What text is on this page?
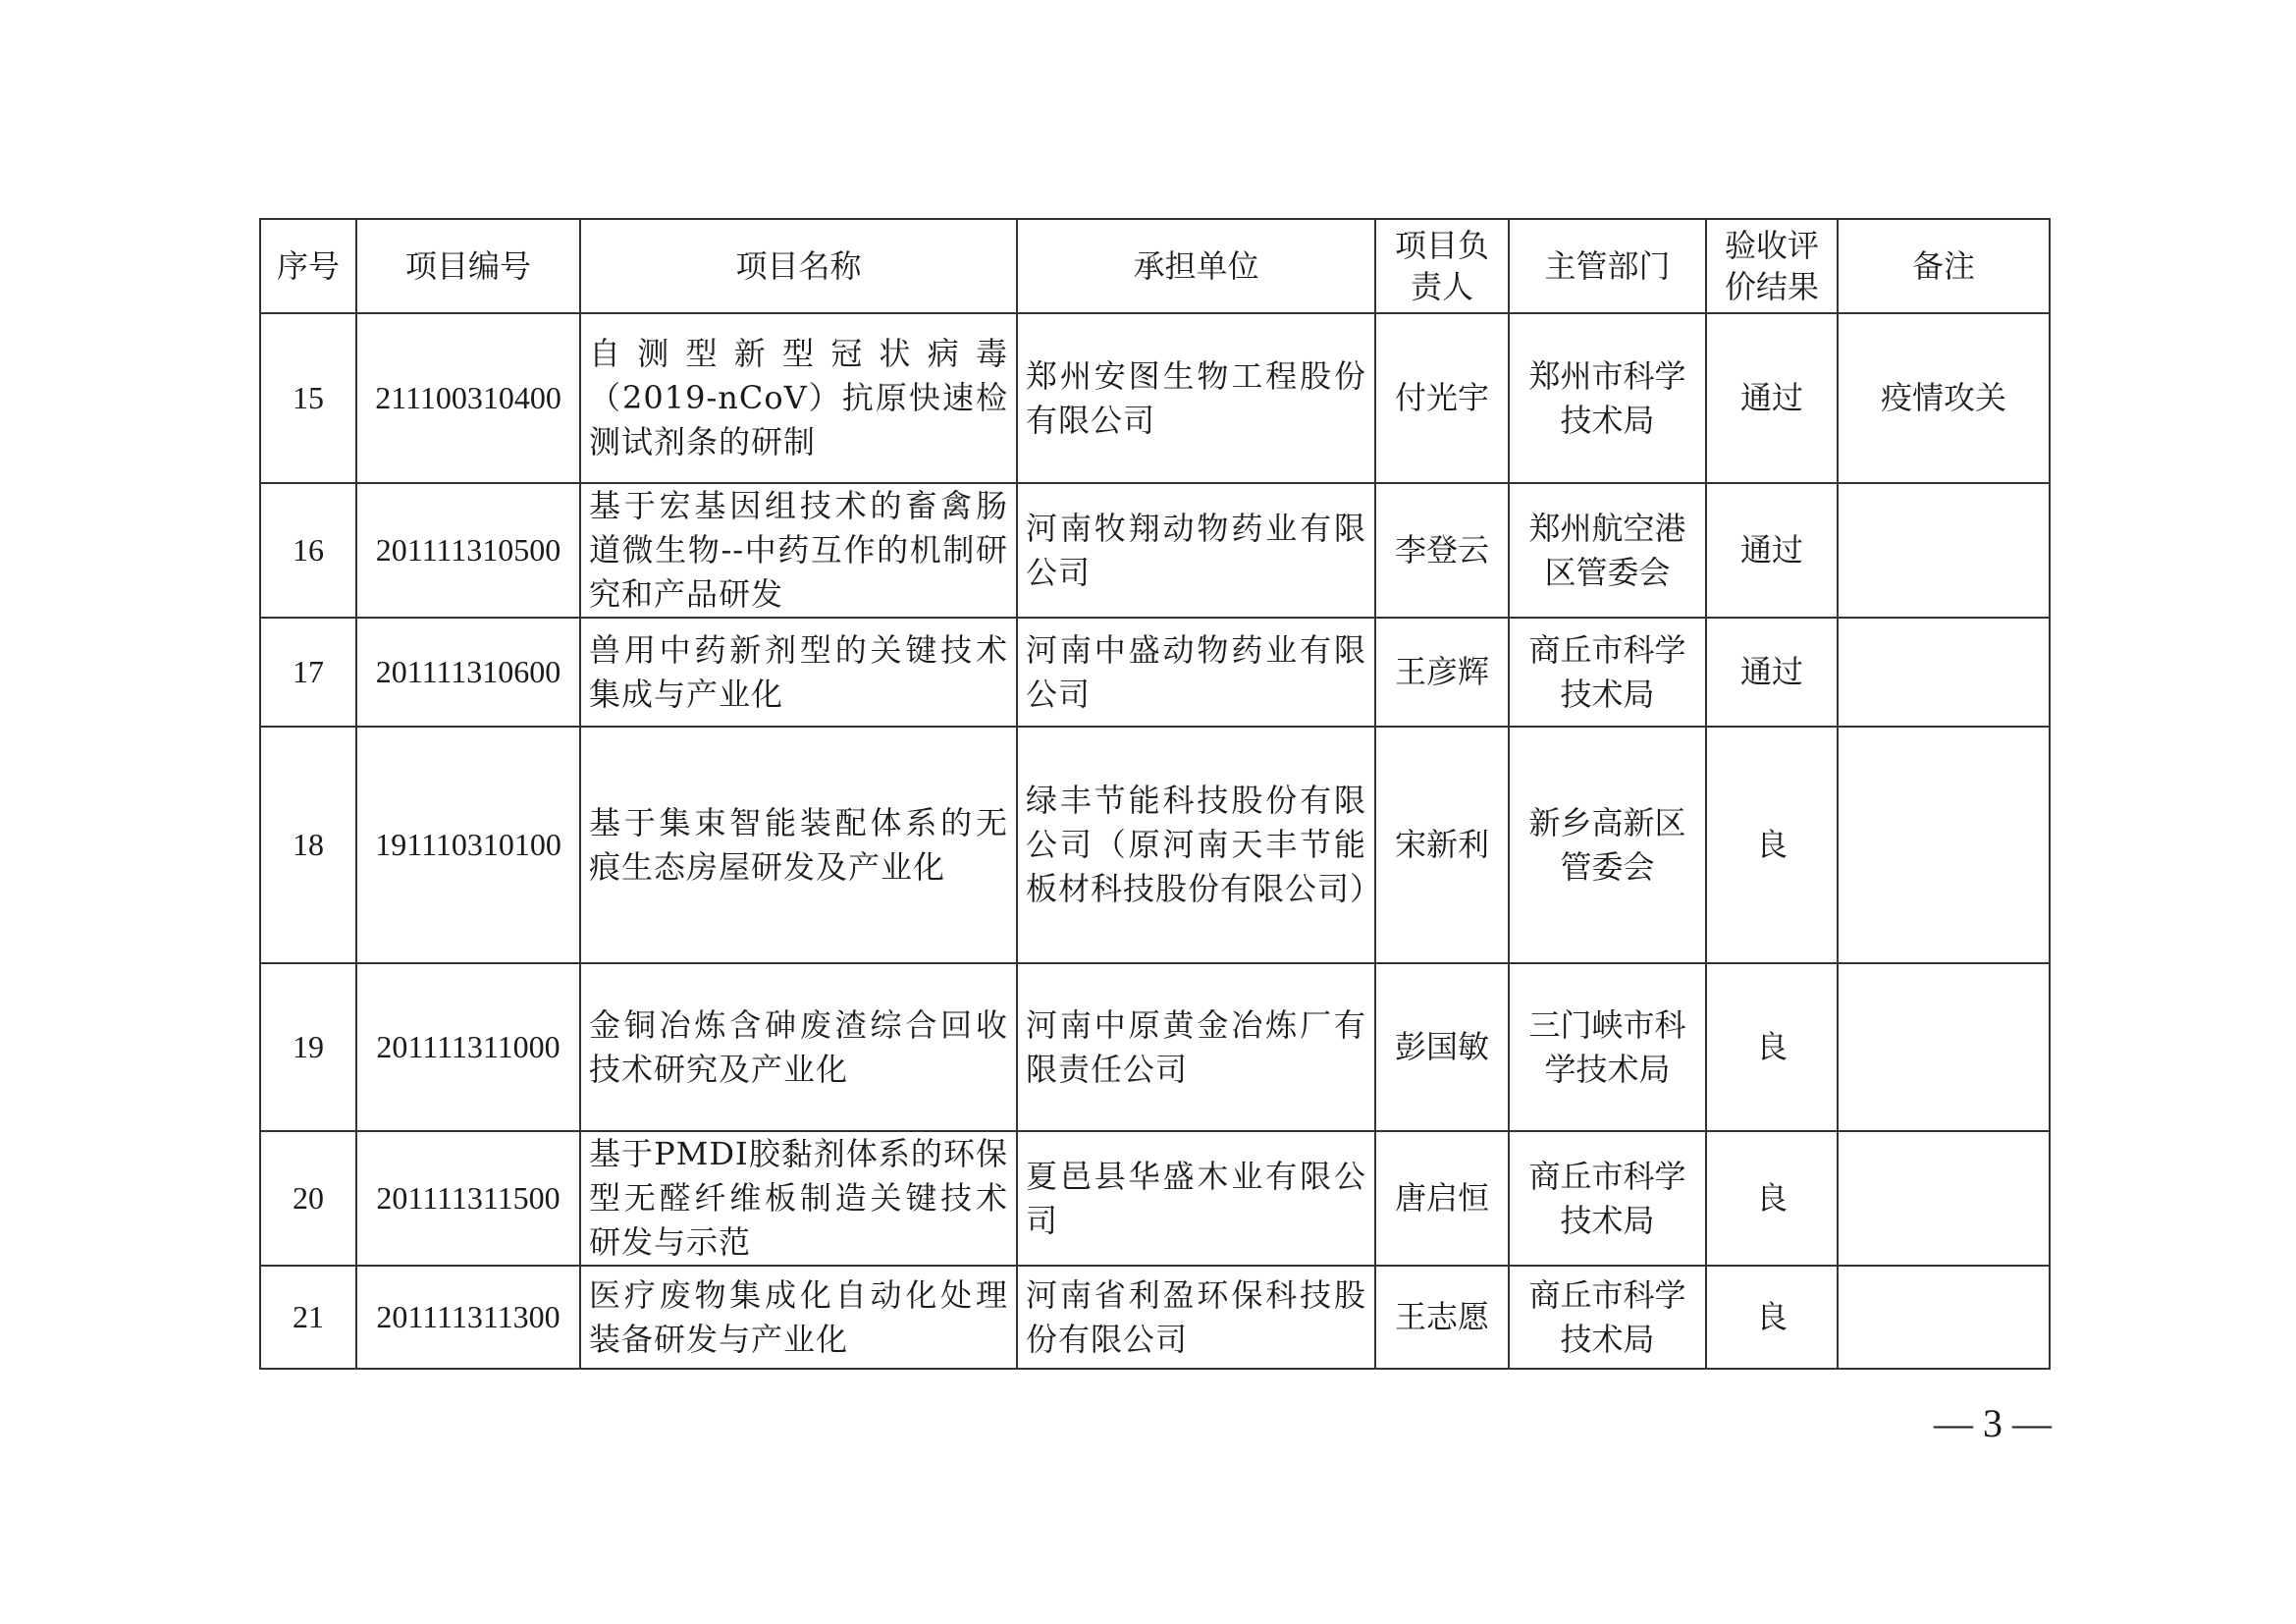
序号	项目编号	项目名称	承担单位	项目负责人	主管部门	验收评价结果	备注
15	211100310400	自测型新型冠状病毒（2019-nCoV）抗原快速检测试剂条的研制	郑州安图生物工程股份有限公司	付光宇	郑州市科学技术局	通过	疫情攻关
16	201111310500	基于宏基因组技术的畜禽肠道微生物--中药互作的机制研究和产品研发	河南牧翔动物药业有限公司	李登云	郑州航空港区管委会	通过	
17	201111310600	兽用中药新剂型的关键技术集成与产业化	河南中盛动物药业有限公司	王彦辉	商丘市科学技术局	通过	
18	191110310100	基于集束智能装配体系的无痕生态房屋研发及产业化	绿丰节能科技股份有限公司（原河南天丰节能板材科技股份有限公司）	宋新利	新乡高新区管委会	良	
19	201111311000	金铜冶炼含砷废渣综合回收技术研究及产业化	河南中原黄金冶炼厂有限责任公司	彭国敏	三门峡市科学技术局	良	
20	201111311500	基于PMDI胶黏剂体系的环保型无醛纤维板制造关键技术研发与示范	夏邑县华盛木业有限公司	唐启恒	商丘市科学技术局	良	
21	201111311300	医疗废物集成化自动化处理装备研发与产业化	河南省利盈环保科技股份有限公司	王志愿	商丘市科学技术局	良	
— 3 —
